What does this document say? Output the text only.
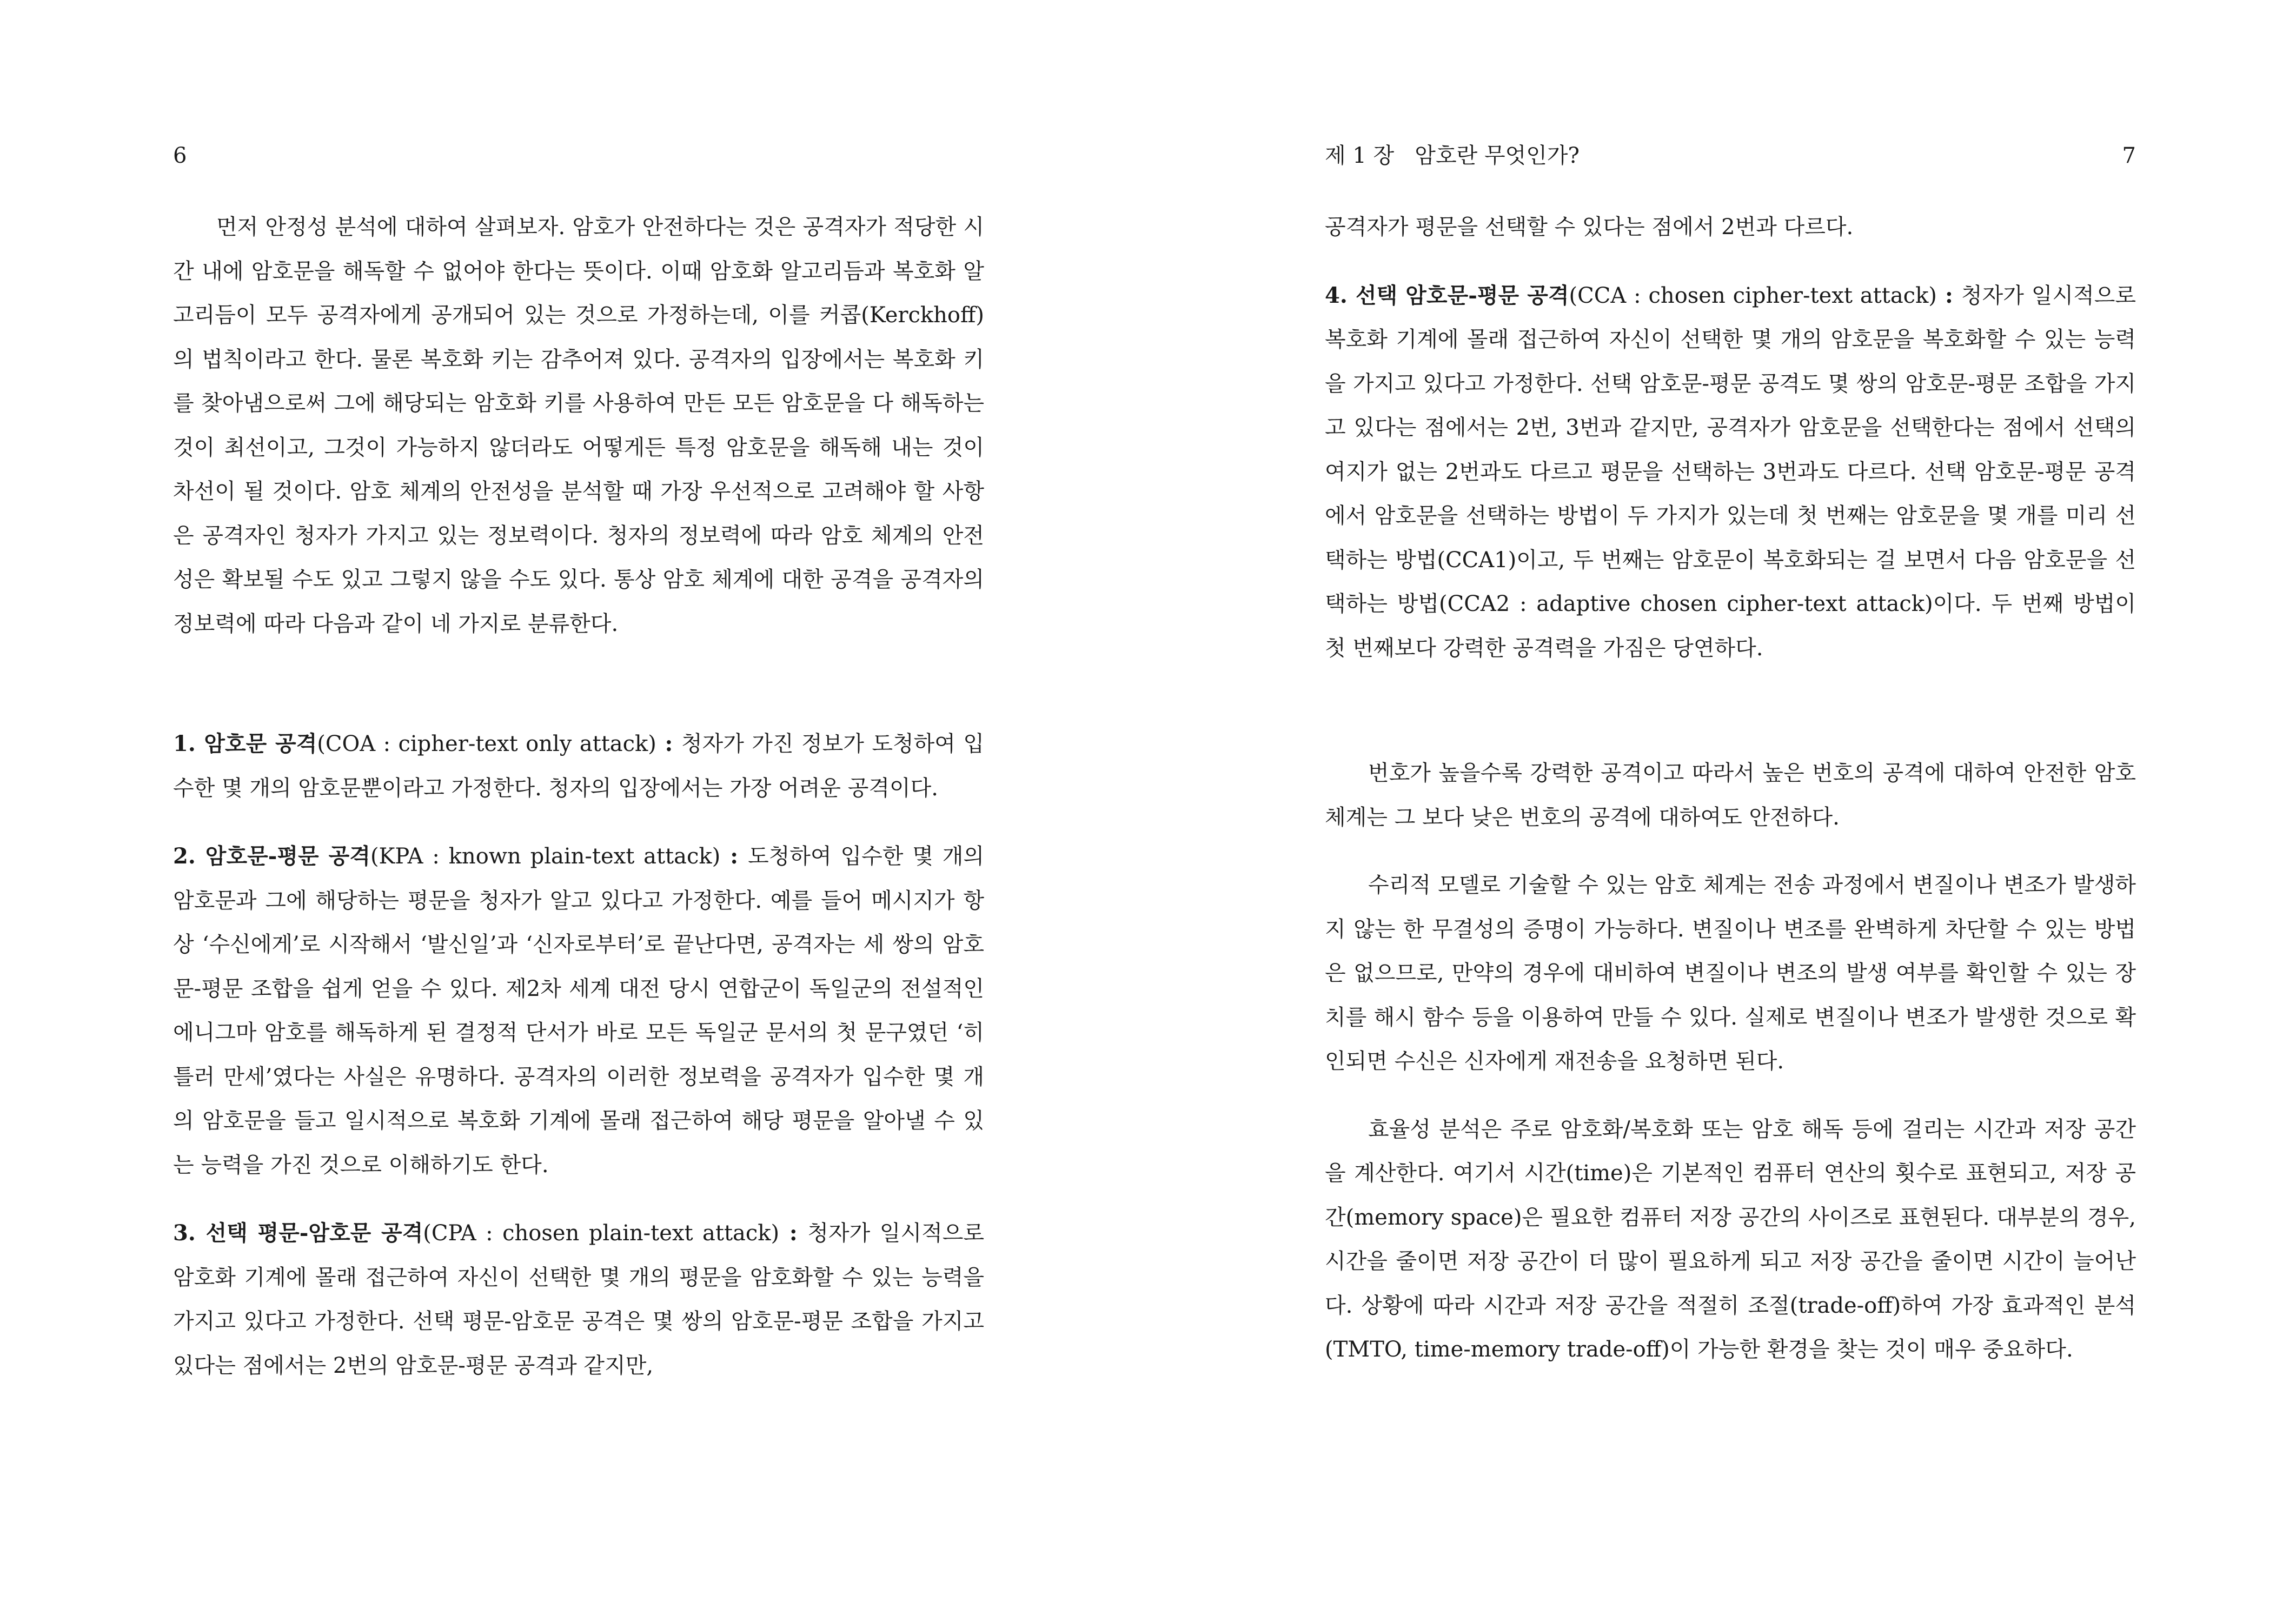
6

먼저 안정성 분석에 대하여 살펴보자. 암호가 안전하다는 것은 공격자가 적당한 시간 내에 암호문을 해독할 수 없어야 한다는 뜻이다. 이때 암호화 알고리듬과 복호화 알고리듬이 모두 공격자에게 공개되어 있는 것으로 가정하는데, 이를 커콥(Kerckhoff)의 법칙이라고 한다. 물론 복호화 키는 감추어져 있다. 공격자의 입장에서는 복호화 키를 찾아냄으로써 그에 해당되는 암호화 키를 사용하여 만든 모든 암호문을 다 해독하는 것이 최선이고, 그것이 가능하지 않더라도 어떻게든 특정 암호문을 해독해 내는 것이 차선이 될 것이다. 암호 체계의 안전성을 분석할 때 가장 우선적으로 고려해야 할 사항은 공격자인 청자가 가지고 있는 정보력이다. 청자의 정보력에 따라 암호 체계의 안전성은 확보될 수도 있고 그렇지 않을 수도 있다. 통상 암호 체계에 대한 공격을 공격자의 정보력에 따라 다음과 같이 네 가지로 분류한다.

1. 암호문 공격(COA : cipher-text only attack) : 청자가 가진 정보가 도청하여 입수한 몇 개의 암호문뿐이라고 가정한다. 청자의 입장에서는 가장 어려운 공격이다.

2. 암호문-평문 공격(KPA : known plain-text attack) : 도청하여 입수한 몇 개의 암호문과 그에 해당하는 평문을 청자가 알고 있다고 가정한다. 예를 들어 메시지가 항상 ‘수신에게’로 시작해서 ‘발신일’과 ‘신자로부터’로 끝난다면, 공격자는 세 쌍의 암호문-평문 조합을 쉽게 얻을 수 있다. 제2차 세계 대전 당시 연합군이 독일군의 전설적인 에니그마 암호를 해독하게 된 결정적 단서가 바로 모든 독일군 문서의 첫 문구였던 ‘히틀러 만세’였다는 사실은 유명하다. 공격자의 이러한 정보력을 공격자가 입수한 몇 개의 암호문을 들고 일시적으로 복호화 기계에 몰래 접근하여 해당 평문을 알아낼 수 있는 능력을 가진 것으로 이해하기도 한다.

3. 선택 평문-암호문 공격(CPA : chosen plain-text attack) : 청자가 일시적으로 암호화 기계에 몰래 접근하여 자신이 선택한 몇 개의 평문을 암호화할 수 있는 능력을 가지고 있다고 가정한다. 선택 평문-암호문 공격은 몇 쌍의 암호문-평문 조합을 가지고 있다는 점에서는 2번의 암호문-평문 공격과 같지만,

제 1 장   암호란 무엇인가?	7

공격자가 평문을 선택할 수 있다는 점에서 2번과 다르다.

4. 선택 암호문-평문 공격(CCA : chosen cipher-text attack) : 청자가 일시적으로 복호화 기계에 몰래 접근하여 자신이 선택한 몇 개의 암호문을 복호화할 수 있는 능력을 가지고 있다고 가정한다. 선택 암호문-평문 공격도 몇 쌍의 암호문-평문 조합을 가지고 있다는 점에서는 2번, 3번과 같지만, 공격자가 암호문을 선택한다는 점에서 선택의 여지가 없는 2번과도 다르고 평문을 선택하는 3번과도 다르다. 선택 암호문-평문 공격에서 암호문을 선택하는 방법이 두 가지가 있는데 첫 번째는 암호문을 몇 개를 미리 선택하는 방법(CCA1)이고, 두 번째는 암호문이 복호화되는 걸 보면서 다음 암호문을 선택하는 방법(CCA2 : adaptive chosen cipher-text attack)이다. 두 번째 방법이 첫 번째보다 강력한 공격력을 가짐은 당연하다.

번호가 높을수록 강력한 공격이고 따라서 높은 번호의 공격에 대하여 안전한 암호 체계는 그 보다 낮은 번호의 공격에 대하여도 안전하다.

수리적 모델로 기술할 수 있는 암호 체계는 전송 과정에서 변질이나 변조가 발생하지 않는 한 무결성의 증명이 가능하다. 변질이나 변조를 완벽하게 차단할 수 있는 방법은 없으므로, 만약의 경우에 대비하여 변질이나 변조의 발생 여부를 확인할 수 있는 장치를 해시 함수 등을 이용하여 만들 수 있다. 실제로 변질이나 변조가 발생한 것으로 확인되면 수신은 신자에게 재전송을 요청하면 된다.

효율성 분석은 주로 암호화/복호화 또는 암호 해독 등에 걸리는 시간과 저장 공간을 계산한다. 여기서 시간(time)은 기본적인 컴퓨터 연산의 횟수로 표현되고, 저장 공간(memory space)은 필요한 컴퓨터 저장 공간의 사이즈로 표현된다. 대부분의 경우, 시간을 줄이면 저장 공간이 더 많이 필요하게 되고 저장 공간을 줄이면 시간이 늘어난다. 상황에 따라 시간과 저장 공간을 적절히 조절(trade-off)하여 가장 효과적인 분석(TMTO, time-memory trade-off)이 가능한 환경을 찾는 것이 매우 중요하다.
